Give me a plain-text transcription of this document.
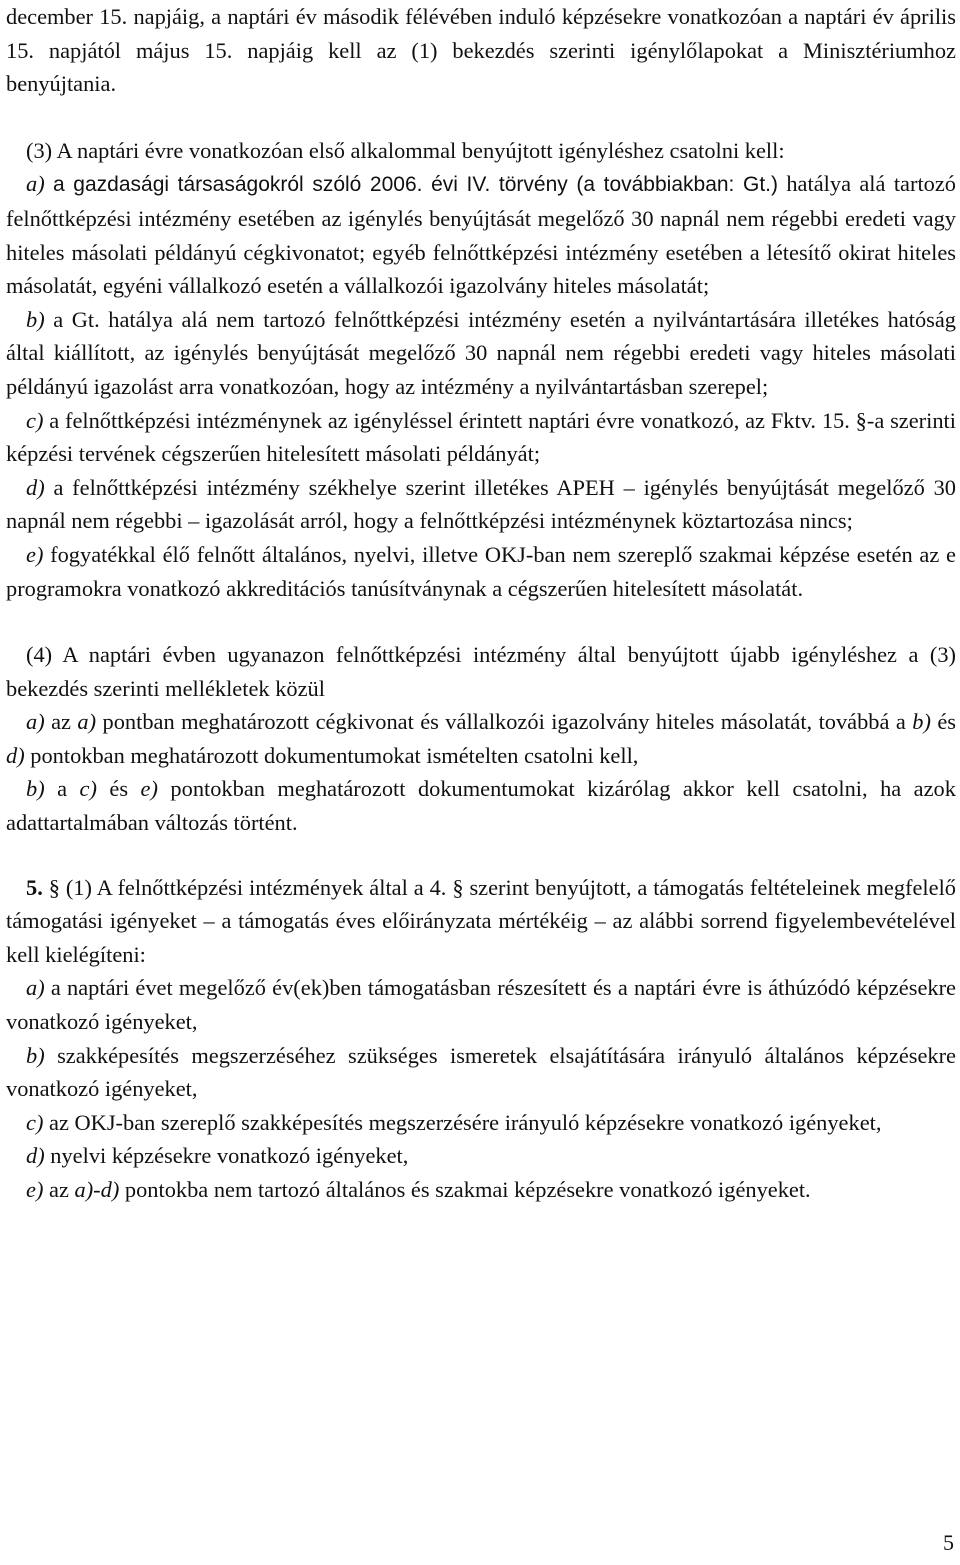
december 15. napjáig, a naptári év második félévében induló képzésekre vonatkozóan a naptári év április 15. napjától május 15. napjáig kell az (1) bekezdés szerinti igénylőlapokat a Minisztériumhoz benyújtania.

(3) A naptári évre vonatkozóan első alkalommal benyújtott igényléshez csatolni kell:

a) a gazdasági társaságokról szóló 2006. évi IV. törvény (a továbbiakban: Gt.) hatálya alá tartozó felnőttképzési intézmény esetében az igénylés benyújtását megelőző 30 napnál nem régebbi eredeti vagy hiteles másolati példányú cégkivonatot; egyéb felnőttképzési intézmény esetében a létesítő okirat hiteles másolatát, egyéni vállalkozó esetén a vállalkozói igazolvány hiteles másolatát;

b) a Gt. hatálya alá nem tartozó felnőttképzési intézmény esetén a nyilvántartására illetékes hatóság által kiállított, az igénylés benyújtását megelőző 30 napnál nem régebbi eredeti vagy hiteles másolati példányú igazolást arra vonatkozóan, hogy az intézmény a nyilvántartásban szerepel;

c) a felnőttképzési intézménynek az igényléssel érintett naptári évre vonatkozó, az Fktv. 15. §-a szerinti képzési tervének cégszerűen hitelesített másolati példányát;

d) a felnőttképzési intézmény székhelye szerint illetékes APEH – igénylés benyújtását megelőző 30 napnál nem régebbi – igazolását arról, hogy a felnőttképzési intézménynek köztartozása nincs;

e) fogyatékkal élő felnőtt általános, nyelvi, illetve OKJ-ban nem szereplő szakmai képzése esetén az e programokra vonatkozó akkreditációs tanúsítványnak a cégszerűen hitelesített másolatát.

(4) A naptári évben ugyanazon felnőttképzési intézmény által benyújtott újabb igényléshez a (3) bekezdés szerinti mellékletek közül

a) az a) pontban meghatározott cégkivonat és vállalkozói igazolvány hiteles másolatát, továbbá a b) és d) pontokban meghatározott dokumentumokat ismételten csatolni kell,

b) a c) és e) pontokban meghatározott dokumentumokat kizárólag akkor kell csatolni, ha azok adattartalmában változás történt.

5. § (1) A felnőttképzési intézmények által a 4. § szerint benyújtott, a támogatás feltételeinek megfelelő támogatási igényeket – a támogatás éves előirányzata mértékéig – az alábbi sorrend figyelembevételével kell kielégíteni:

a) a naptári évet megelőző év(ek)ben támogatásban részesített és a naptári évre is áthúzódó képzésekre vonatkozó igényeket,

b) szakképesítés megszerzéséhez szükséges ismeretek elsajátítására irányuló általános képzésekre vonatkozó igényeket,

c) az OKJ-ban szereplő szakképesítés megszerzésére irányuló képzésekre vonatkozó igényeket,

d) nyelvi képzésekre vonatkozó igényeket,

e) az a)-d) pontokba nem tartozó általános és szakmai képzésekre vonatkozó igényeket.

5
